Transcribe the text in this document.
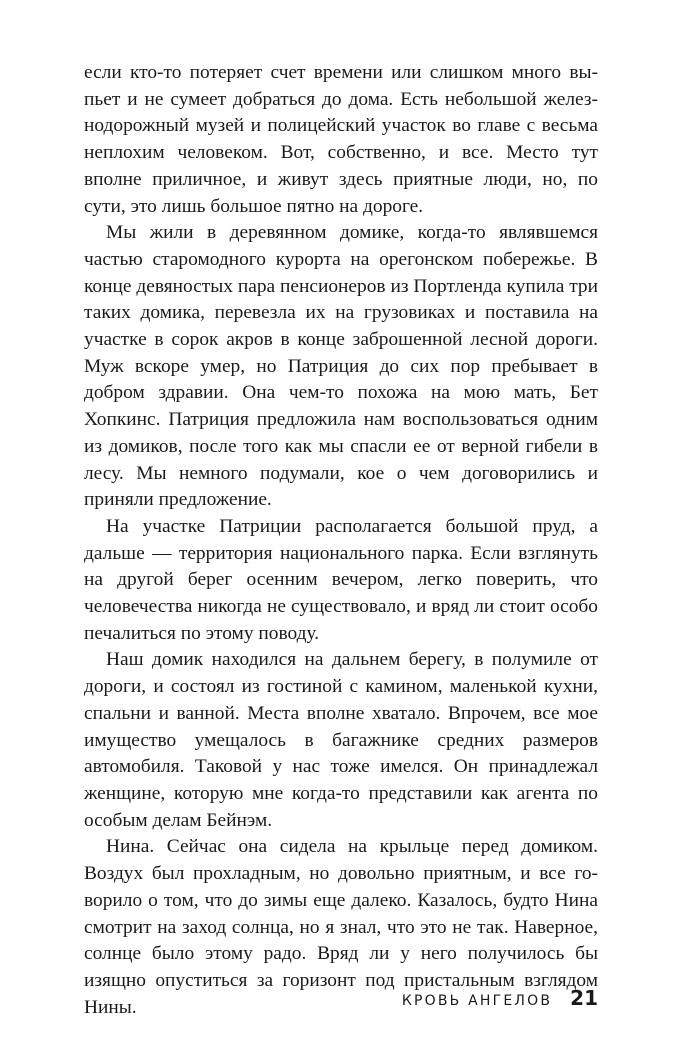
если кто-то потеряет счет времени или слишком много выпьет и не сумеет добраться до дома. Есть небольшой железнодорожный музей и полицейский участок во главе с весьма неплохим человеком. Вот, собственно, и все. Место тут вполне приличное, и живут здесь приятные люди, но, по сути, это лишь большое пятно на дороге.

Мы жили в деревянном домике, когда-то являвшемся частью старомодного курорта на орегонском побережье. В конце девяностых пара пенсионеров из Портленда купила три таких домика, перевезла их на грузовиках и поставила на участке в сорок акров в конце заброшенной лесной дороги. Муж вскоре умер, но Патриция до сих пор пребывает в добром здравии. Она чем-то похожа на мою мать, Бет Хопкинс. Патриция предложила нам воспользоваться одним из домиков, после того как мы спасли ее от верной гибели в лесу. Мы немного подумали, кое о чем договорились и приняли предложение.

На участке Патриции располагается большой пруд, а дальше — территория национального парка. Если взглянуть на другой берег осенним вечером, легко поверить, что человечества никогда не существовало, и вряд ли стоит особо печалиться по этому поводу.

Наш домик находился на дальнем берегу, в полумиле от дороги, и состоял из гостиной с камином, маленькой кухни, спальни и ванной. Места вполне хватало. Впрочем, все мое имущество умещалось в багажнике средних размеров автомобиля. Таковой у нас тоже имелся. Он принадлежал женщине, которую мне когда-то представили как агента по особым делам Бейнэм.

Нина. Сейчас она сидела на крыльце перед домиком. Воздух был прохладным, но довольно приятным, и все говорило о том, что до зимы еще далеко. Казалось, будто Нина смотрит на заход солнца, но я знал, что это не так. Наверное, солнце было этому радо. Вряд ли у него получилось бы изящно опуститься за горизонт под пристальным взглядом Нины.	КРОВЬ АНГЕЛОВ 21
